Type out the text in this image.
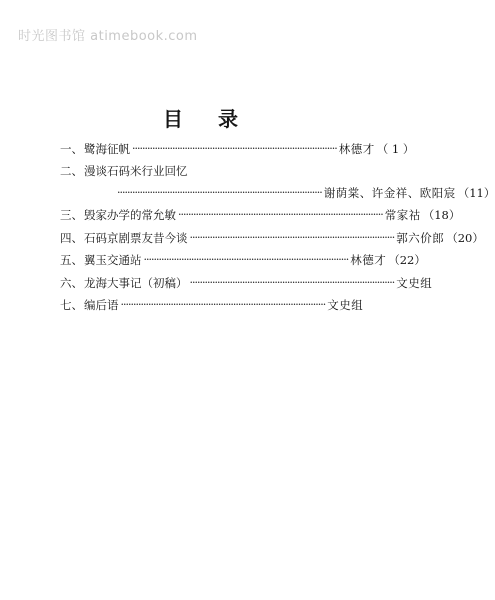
时光图书馆 atimebook.com
目 录
一、 鹭海征帆 ·················································································· 林德才 （ 1 ）
二、 漫谈石码米行业回忆
·················································································· 谢荫棠、许金祥、欧阳宸 （11）
三、 毁家办学的常允敏 ·················································································· 常家祜 （18）
四、 石码京剧票友昔今谈 ·················································································· 郭六价郎 （20）
五、 翼玉交通站 ·················································································· 林德才 （22）
六、 龙海大事记（初稿） ·················································································· 文史组
七、 编后语 ·················································································· 文史组
